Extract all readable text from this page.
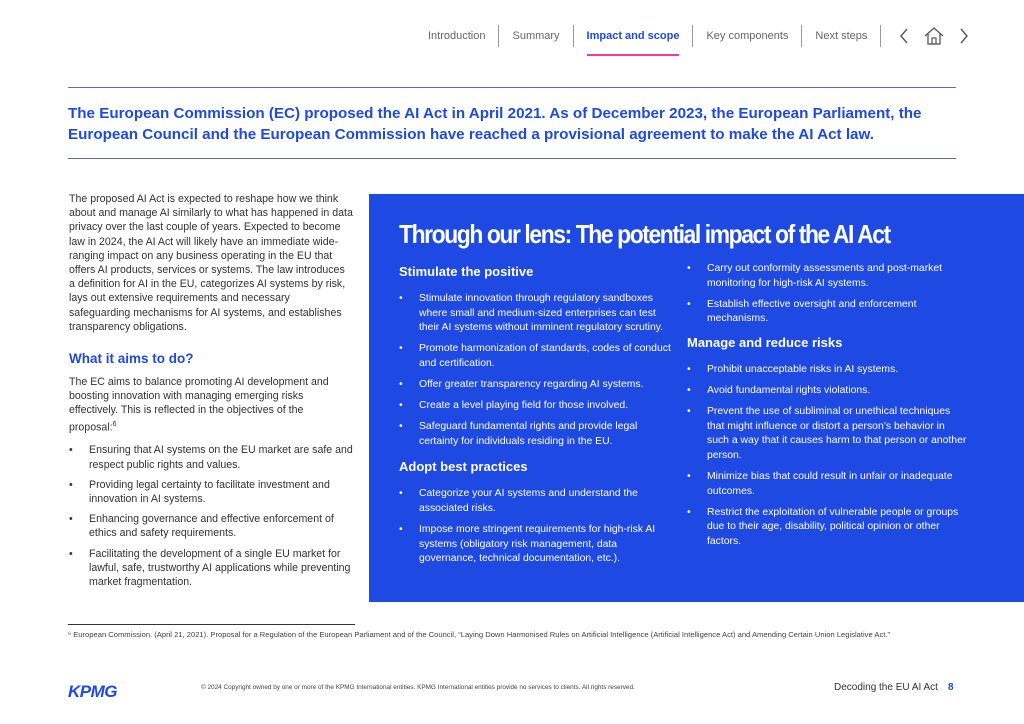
Introduction	Summary	Impact and scope	Key components	Next steps
The European Commission (EC) proposed the AI Act in April 2021. As of December 2023, the European Parliament, the European Council and the European Commission have reached a provisional agreement to make the AI Act law.

The proposed AI Act is expected to reshape how we think about and manage AI similarly to what has happened in data privacy over the last couple of years. Expected to become law in 2024, the AI Act will likely have an immediate wide-ranging impact on any business operating in the EU that offers AI products, services or systems. The law introduces a definition for AI in the EU, categorizes AI systems by risk, lays out extensive requirements and necessary safeguarding mechanisms for AI systems, and establishes transparency obligations.

What it aims to do?

The EC aims to balance promoting AI development and boosting innovation with managing emerging risks effectively. This is reflected in the objectives of the proposal:$^6$

• Ensuring that AI systems on the EU market are safe and respect public rights and values.
• Providing legal certainty to facilitate investment and innovation in AI systems.
• Enhancing governance and effective enforcement of ethics and safety requirements.
• Facilitating the development of a single EU market for lawful, safe, trustworthy AI applications while preventing market fragmentation.
Through our lens: The potential impact of the AI Act
Stimulate the positive
• Stimulate innovation through regulatory sandboxes where small and medium-sized enterprises can test their AI systems without imminent regulatory scrutiny.
• Promote harmonization of standards, codes of conduct and certification.
• Offer greater transparency regarding AI systems.
• Create a level playing field for those involved.
• Safeguard fundamental rights and provide legal certainty for individuals residing in the EU.
Adopt best practices
• Categorize your AI systems and understand the associated risks.
• Impose more stringent requirements for high-risk AI systems (obligatory risk management, data governance, technical documentation, etc.).
• Carry out conformity assessments and post-market monitoring for high-risk AI systems.
• Establish effective oversight and enforcement mechanisms.
Manage and reduce risks
• Prohibit unacceptable risks in AI systems.
• Avoid fundamental rights violations.
• Prevent the use of subliminal or unethical techniques that might influence or distort a person’s behavior in such a way that it causes harm to that person or another person.
• Minimize bias that could result in unfair or inadequate outcomes.
• Restrict the exploitation of vulnerable people or groups due to their age, disability, political opinion or other factors.

⁶ European Commission. (April 21, 2021). Proposal for a Regulation of the European Parliament and of the Council, “Laying Down Harmonised Rules on Artificial Intelligence (Artificial Intelligence Act) and Amending Certain Union Legislative Act.”

KPMG	© 2024 Copyright owned by one or more of the KPMG International entities. KPMG International entities provide no services to clients. All rights reserved.	Decoding the EU AI Act 8
